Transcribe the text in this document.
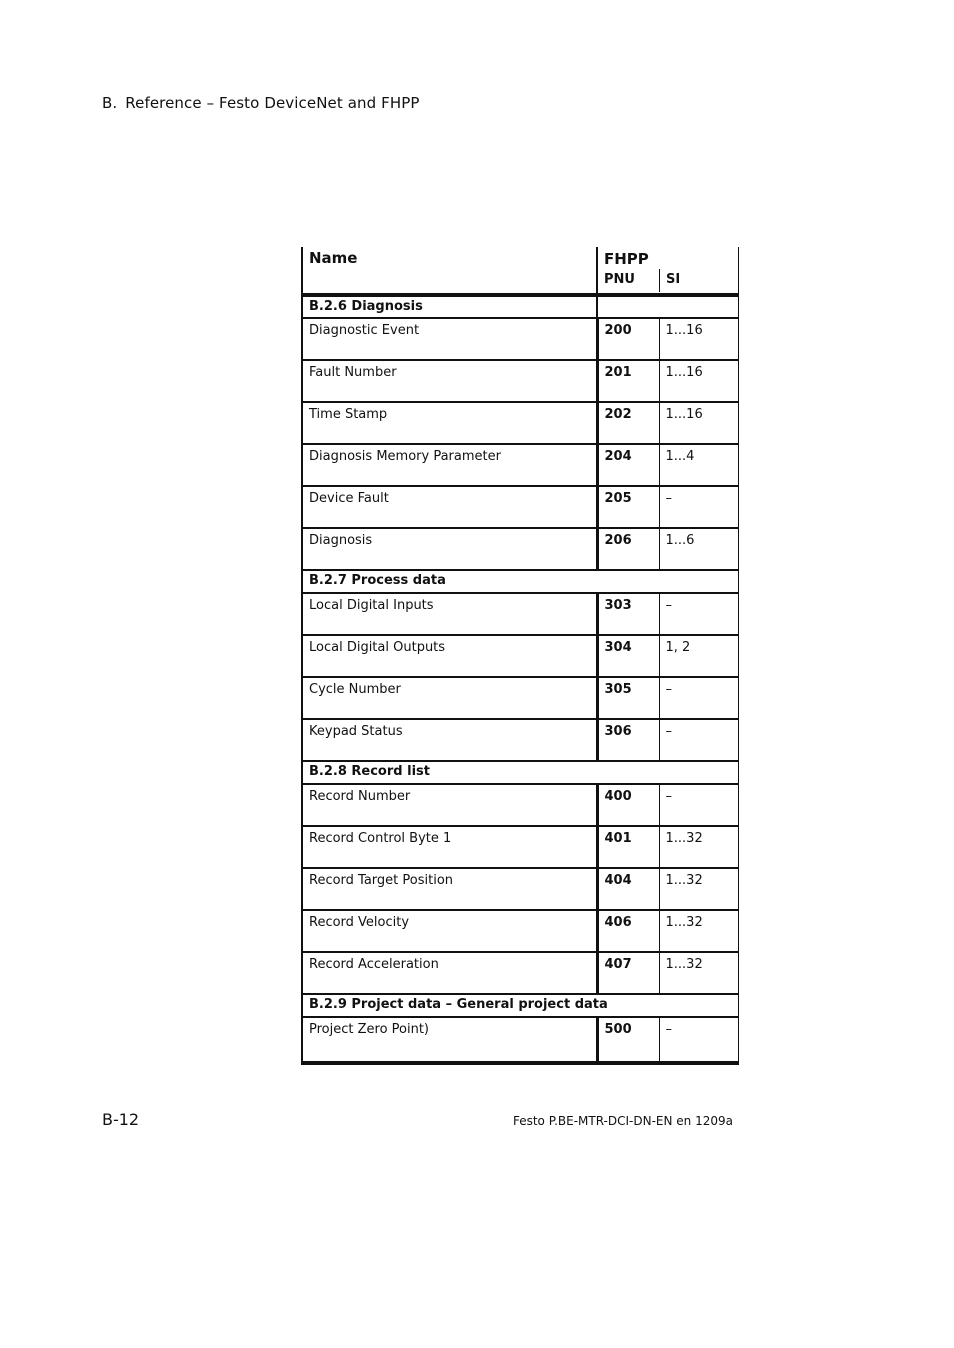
B. Reference – Festo DeviceNet and FHPP
Name	FHPP
PNU SI	

B.2.6 Diagnosis		
Diagnostic Event	200	1...16
Fault Number	201	1...16
Time Stamp	202	1...16
Diagnosis Memory Parameter	204	1...4
Device Fault	205	–
Diagnosis	206	1...6
B.2.7 Process data		
Local Digital Inputs	303	–
Local Digital Outputs	304	1, 2
Cycle Number	305	–
Keypad Status	306	–
B.2.8 Record list		
Record Number	400	–
Record Control Byte 1	401	1...32
Record Target Position	404	1...32
Record Velocity	406	1...32
Record Acceleration	407	1...32
B.2.9 Project data – General project data		
Project Zero Point)	500	–
B-12	Festo P.BE-MTR-DCI-DN-EN en 1209a
